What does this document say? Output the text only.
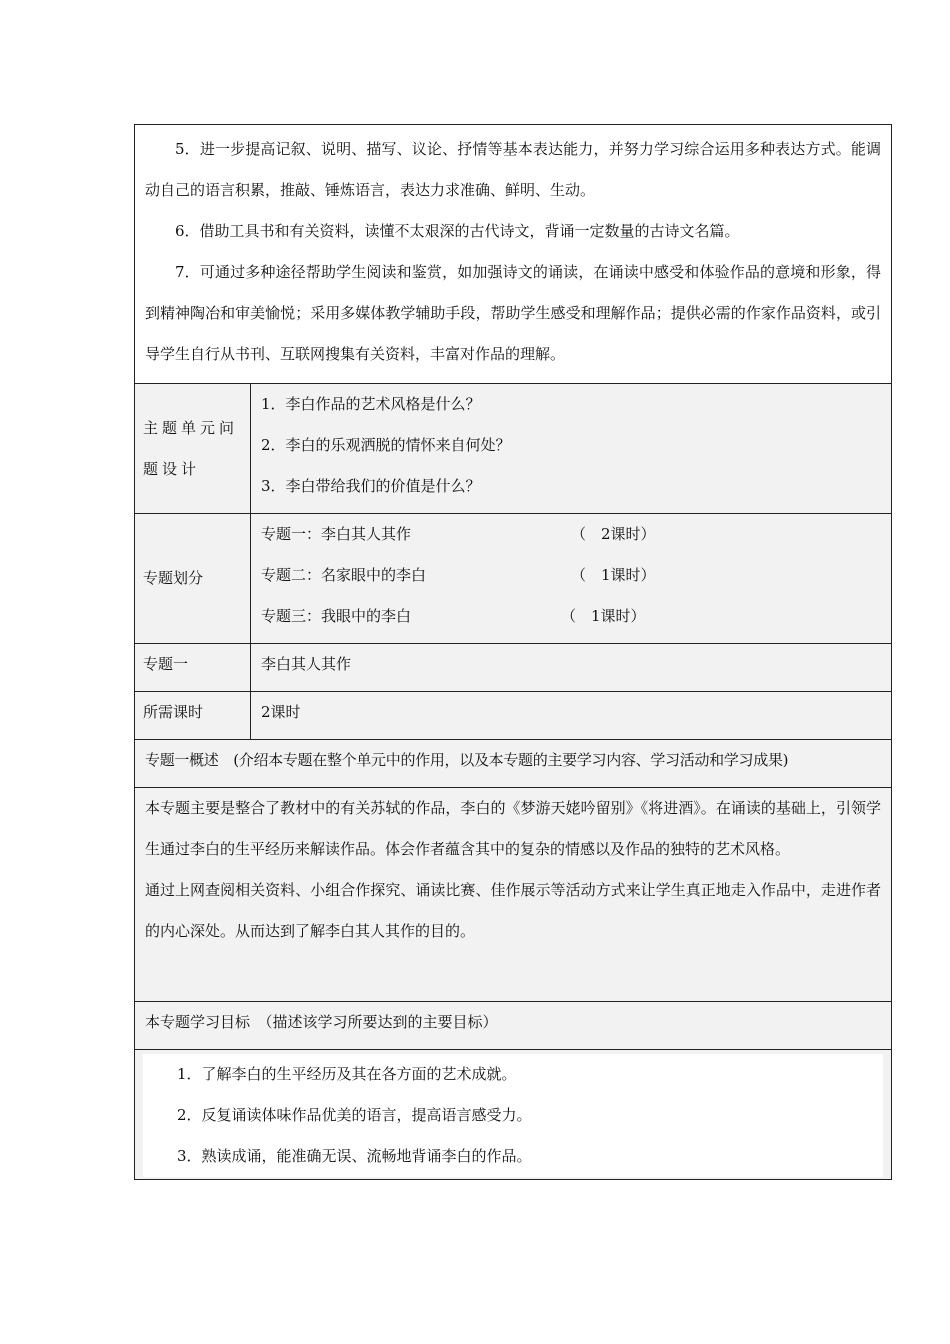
5．进一步提高记叙、说明、描写、议论、抒情等基本表达能力，并努力学习综合运用多种表达方式。能调动自己的语言积累，推敲、锤炼语言，表达力求准确、鲜明、生动。

6．借助工具书和有关资料，读懂不太艰深的古代诗文，背诵一定数量的古诗文名篇。

7．可通过多种途径帮助学生阅读和鉴赏，如加强诗文的诵读，在诵读中感受和体验作品的意境和形象，得到精神陶冶和审美愉悦；采用多媒体教学辅助手段，帮助学生感受和理解作品；提供必需的作家作品资料，或引导学生自行从书刊、互联网搜集有关资料，丰富对作品的理解。

主题单元问题设计
1．李白作品的艺术风格是什么？
2．李白的乐观洒脱的情怀来自何处？
3．李白带给我们的价值是什么？
专题划分
专题一：李白其人其作	（　2课时）
专题二：名家眼中的李白	（　1课时）
专题三：我眼中的李白	（　1课时）
专题一	李白其人其作
所需课时	2课时

专题一概述　(介绍本专题在整个单元中的作用，以及本专题的主要学习内容、学习活动和学习成果)

本专题主要是整合了教材中的有关苏轼的作品，李白的《梦游天姥吟留别》《将进酒》。在诵读的基础上，引领学生通过李白的生平经历来解读作品。体会作者蕴含其中的复杂的情感以及作品的独特的艺术风格。

通过上网查阅相关资料、小组合作探究、诵读比赛、佳作展示等活动方式来让学生真正地走入作品中，走进作者的内心深处。从而达到了解李白其人其作的目的。

本专题学习目标　（描述该学习所要达到的主要目标）

1．了解李白的生平经历及其在各方面的艺术成就。

2．反复诵读体味作品优美的语言，提高语言感受力。

3．熟读成诵，能准确无误、流畅地背诵李白的作品。
